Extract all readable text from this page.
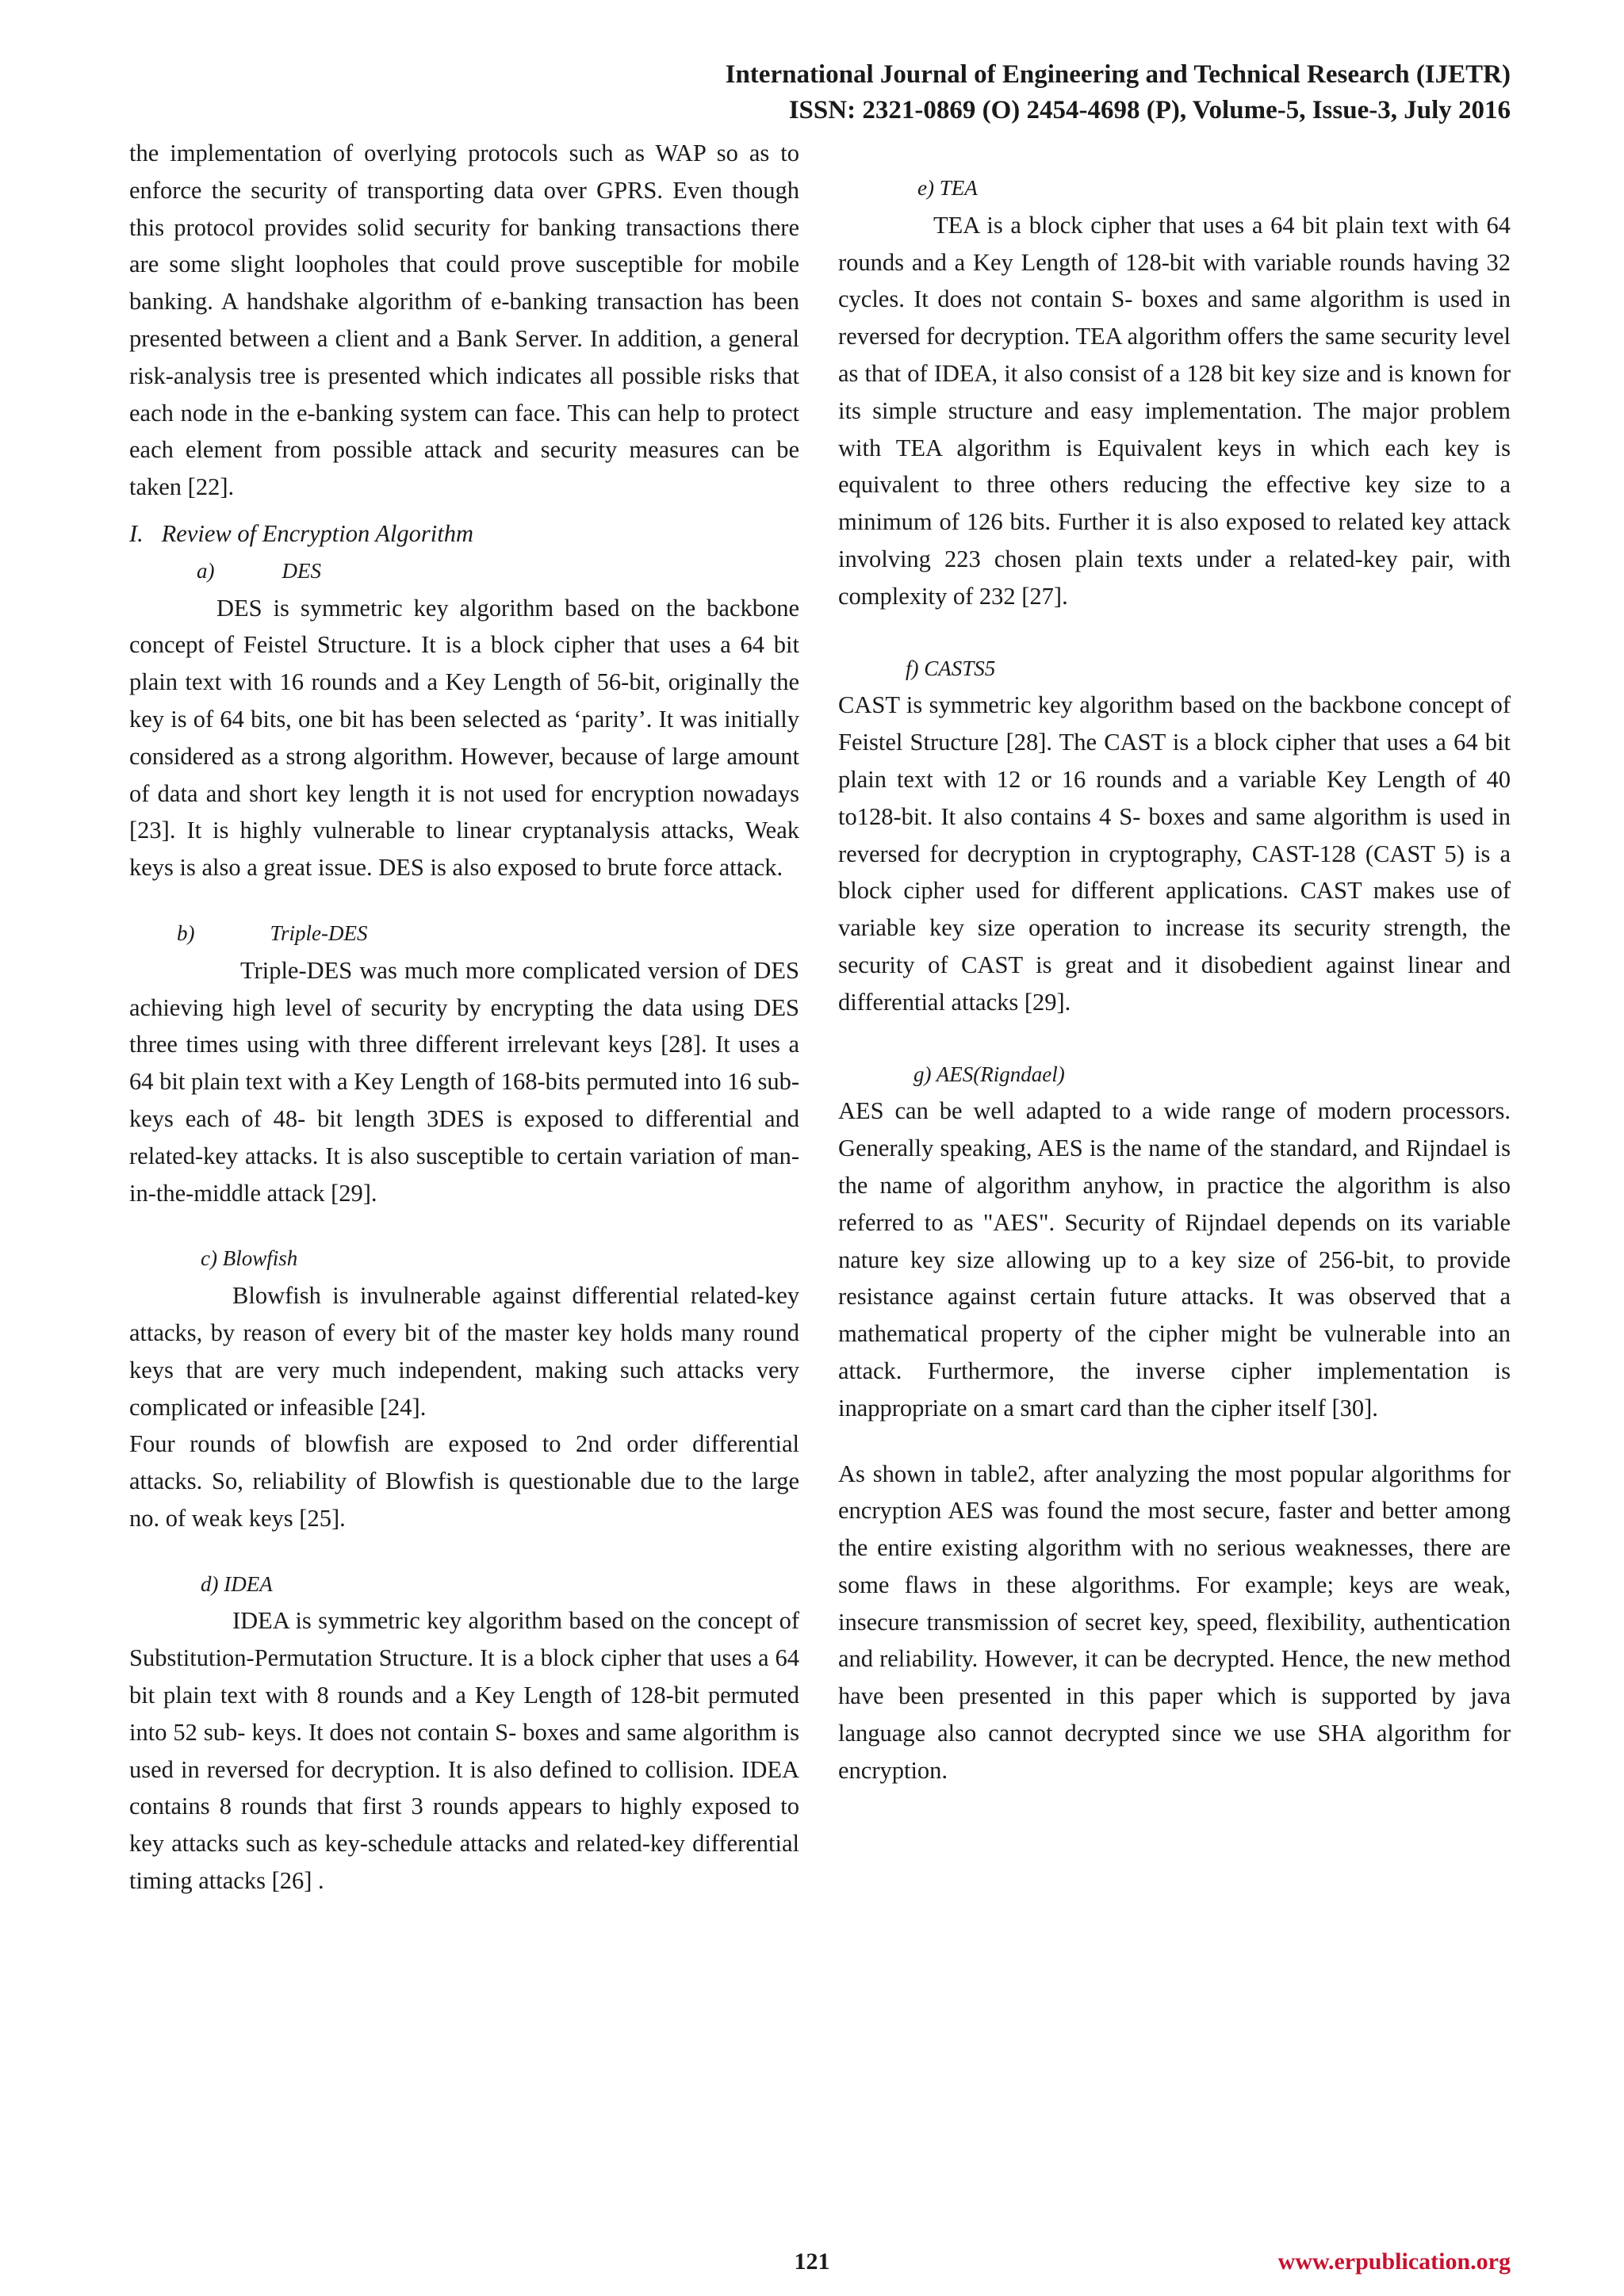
International Journal of Engineering and Technical Research (IJETR)
ISSN: 2321-0869 (O) 2454-4698 (P), Volume-5, Issue-3, July 2016

the implementation of overlying protocols such as WAP so as to enforce the security of transporting data over GPRS. Even though this protocol provides solid security for banking transactions there are some slight loopholes that could prove susceptible for mobile banking. A handshake algorithm of e-banking transaction has been presented between a client and a Bank Server. In addition, a general risk-analysis tree is presented which indicates all possible risks that each node in the e-banking system can face. This can help to protect each element from possible attack and security measures can be taken [22].

I. Review of Encryption Algorithm
a)	DES

DES is symmetric key algorithm based on the backbone concept of Feistel Structure. It is a block cipher that uses a 64 bit plain text with 16 rounds and a Key Length of 56-bit, originally the key is of 64 bits, one bit has been selected as ‘parity’. It was initially considered as a strong algorithm. However, because of large amount of data and short key length it is not used for encryption nowadays [23]. It is highly vulnerable to linear cryptanalysis attacks, Weak keys is also a great issue. DES is also exposed to brute force attack.

b)	Triple-DES

Triple-DES was much more complicated version of DES achieving high level of security by encrypting the data using DES three times using with three different irrelevant keys [28]. It uses a 64 bit plain text with a Key Length of 168-bits permuted into 16 sub- keys each of 48- bit length 3DES is exposed to differential and related-key attacks. It is also susceptible to certain variation of man-in-the-middle attack [29].

c) Blowfish

Blowfish is invulnerable against differential related-key attacks, by reason of every bit of the master key holds many round keys that are very much independent, making such attacks very complicated or infeasible [24].

Four rounds of blowfish are exposed to 2nd order differential attacks. So, reliability of Blowfish is questionable due to the large no. of weak keys [25].

d) IDEA

IDEA is symmetric key algorithm based on the concept of Substitution-Permutation Structure. It is a block cipher that uses a 64 bit plain text with 8 rounds and a Key Length of 128-bit permuted into 52 sub- keys. It does not contain S- boxes and same algorithm is used in reversed for decryption. It is also defined to collision. IDEA contains 8 rounds that first 3 rounds appears to highly exposed to key attacks such as key-schedule attacks and related-key differential timing attacks [26] .

e) TEA

TEA is a block cipher that uses a 64 bit plain text with 64 rounds and a Key Length of 128-bit with variable rounds having 32 cycles. It does not contain S- boxes and same algorithm is used in reversed for decryption. TEA algorithm offers the same security level as that of IDEA, it also consist of a 128 bit key size and is known for its simple structure and easy implementation. The major problem with TEA algorithm is Equivalent keys in which each key is equivalent to three others reducing the effective key size to a minimum of 126 bits. Further it is also exposed to related key attack involving 223 chosen plain texts under a related-key pair, with complexity of 232 [27].

f) CASTS5

CAST is symmetric key algorithm based on the backbone concept of Feistel Structure [28]. The CAST is a block cipher that uses a 64 bit plain text with 12 or 16 rounds and a variable Key Length of 40 to128-bit. It also contains 4 S- boxes and same algorithm is used in reversed for decryption in cryptography, CAST-128 (CAST 5) is a block cipher used for different applications. CAST makes use of variable key size operation to increase its security strength, the security of CAST is great and it disobedient against linear and differential attacks [29].

g) AES(Rigndael)

AES can be well adapted to a wide range of modern processors. Generally speaking, AES is the name of the standard, and Rijndael is the name of algorithm anyhow, in practice the algorithm is also referred to as "AES". Security of Rijndael depends on its variable nature key size allowing up to a key size of 256-bit, to provide resistance against certain future attacks. It was observed that a mathematical property of the cipher might be vulnerable into an attack. Furthermore, the inverse cipher implementation is inappropriate on a smart card than the cipher itself [30].

As shown in table2, after analyzing the most popular algorithms for encryption AES was found the most secure, faster and better among the entire existing algorithm with no serious weaknesses, there are some flaws in these algorithms. For example; keys are weak, insecure transmission of secret key, speed, flexibility, authentication and reliability. However, it can be decrypted. Hence, the new method have been presented in this paper which is supported by java language also cannot decrypted since we use SHA algorithm for encryption.

121	www.erpublication.org
